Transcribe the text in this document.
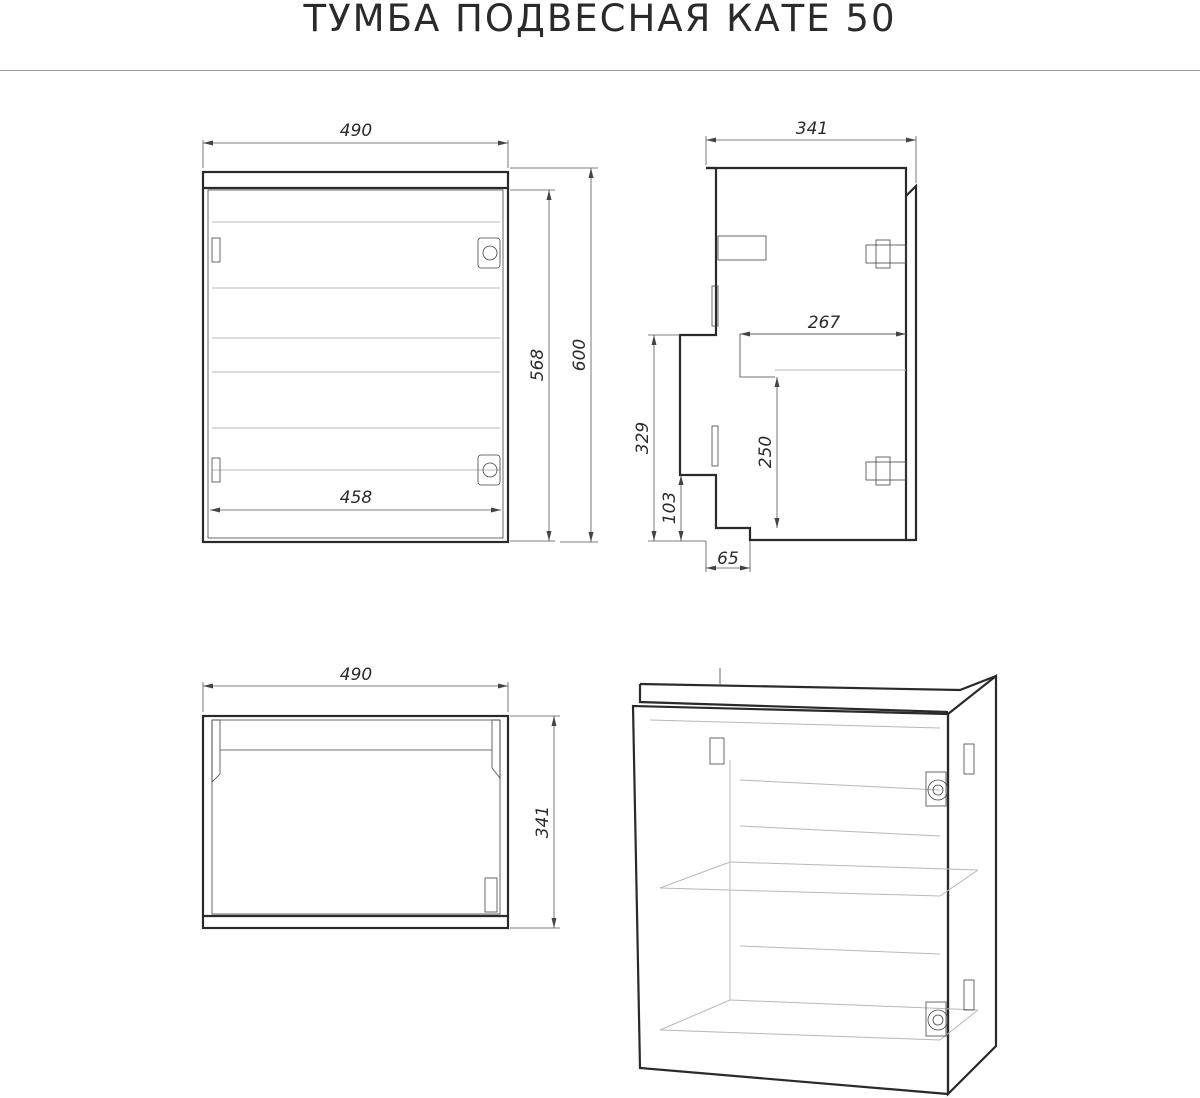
ТУМБА ПОДВЕСНАЯ КАТЕ 50
490
458
568 600
341
267
250
329
103
65
490
341
